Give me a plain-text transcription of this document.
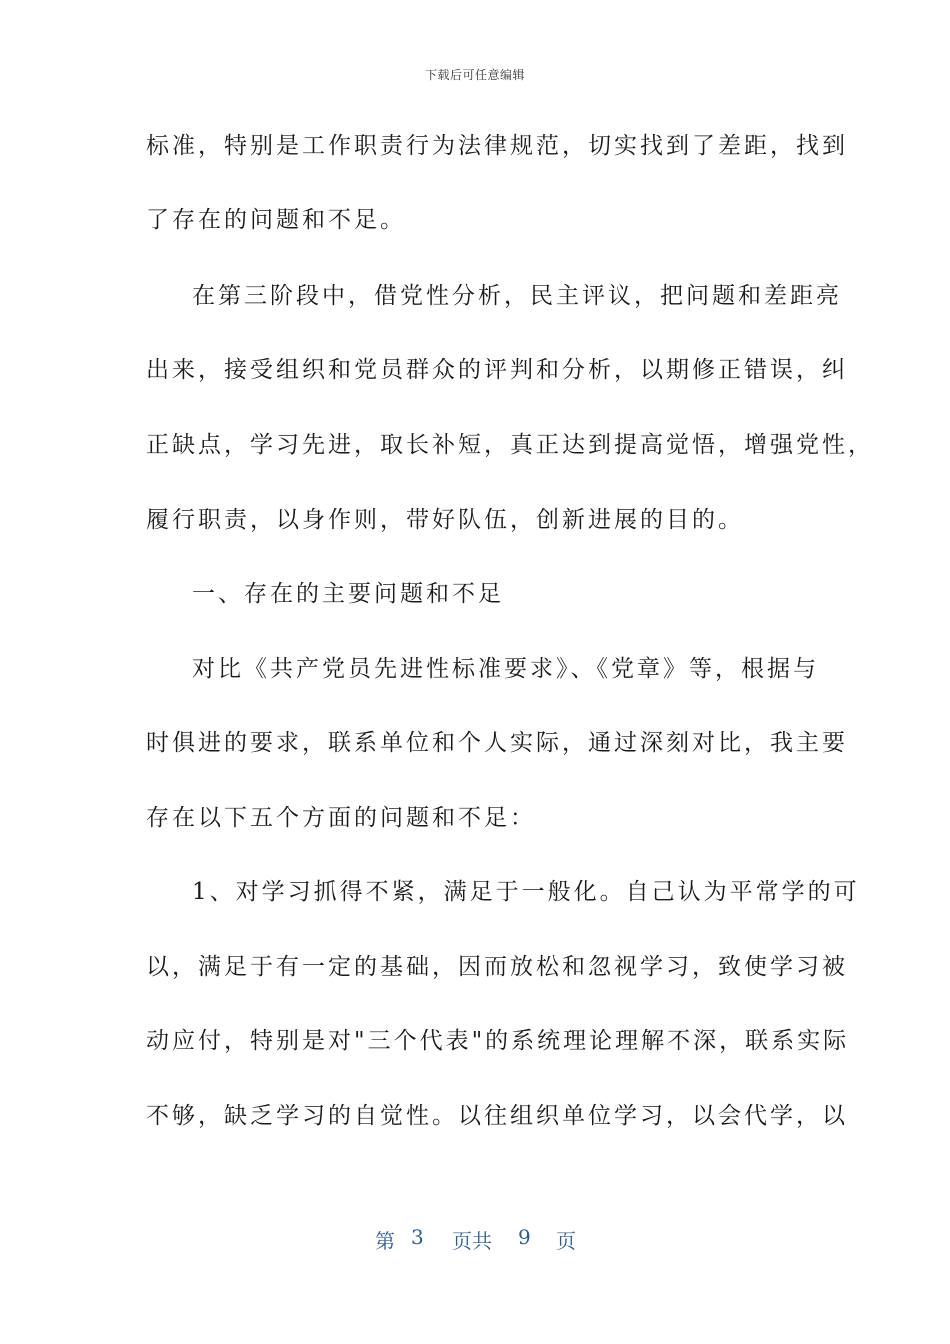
下载后可任意编辑
标准，特别是工作职责行为法律规范，切实找到了差距，找到
了存在的问题和不足。
在第三阶段中，借党性分析，民主评议，把问题和差距亮
出来，接受组织和党员群众的评判和分析，以期修正错误，纠
正缺点，学习先进，取长补短，真正达到提高觉悟，增强党性，
履行职责，以身作则，带好队伍，创新进展的目的。
一、存在的主要问题和不足
对比《共产党员先进性标准要求》、《党章》等，根据与
时俱进的要求，联系单位和个人实际，通过深刻对比，我主要
存在以下五个方面的问题和不足：
1、对学习抓得不紧，满足于一般化。自己认为平常学的可
以，满足于有一定的基础，因而放松和忽视学习，致使学习被
动应付，特别是对"三个代表"的系统理论理解不深，联系实际
不够，缺乏学习的自觉性。以往组织单位学习，以会代学，以
第 3 页共 9 页
